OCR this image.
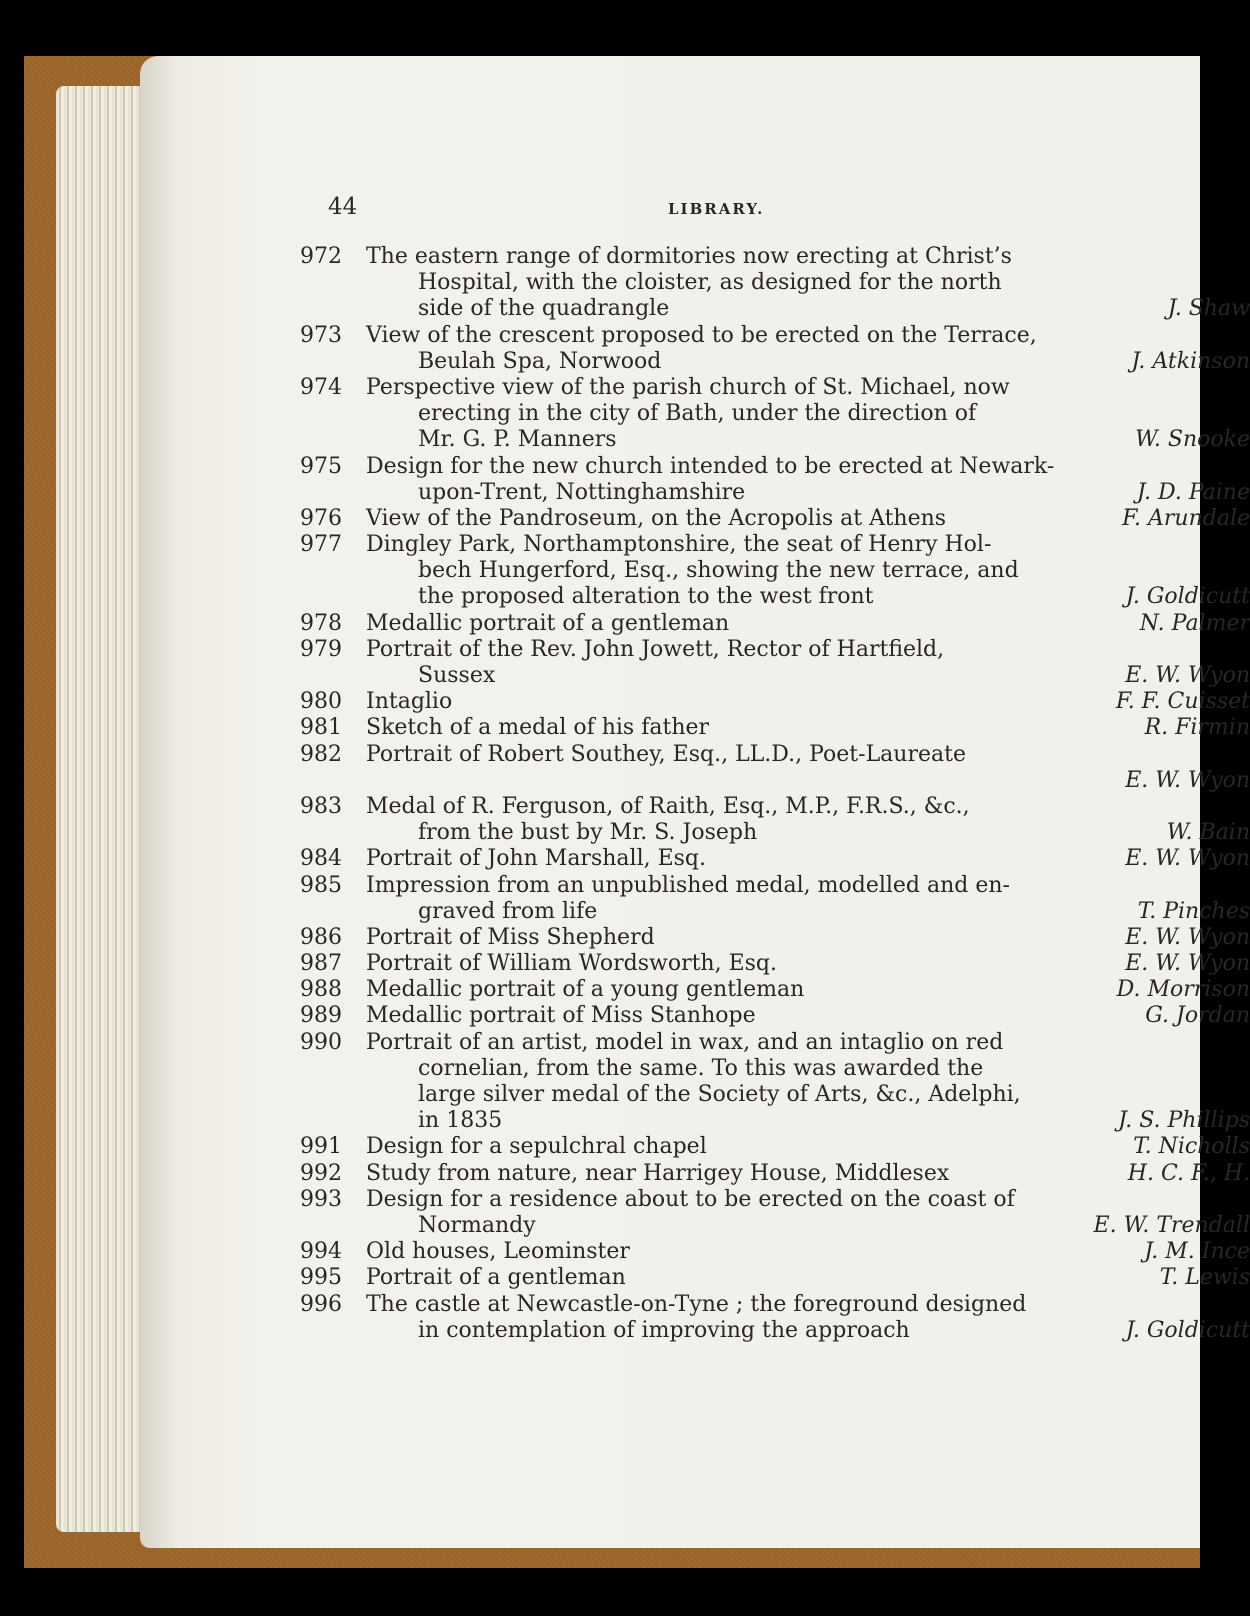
44	LIBRARY.
972	The eastern range of dormitories now erecting at Christ’s
Hospital, with the cloister, as designed for the north
side of the quadrangle	J. Shaw
973	View of the crescent proposed to be erected on the Terrace,
Beulah Spa, Norwood	J. Atkinson
974	Perspective view of the parish church of St. Michael, now
erecting in the city of Bath, under the direction of
Mr. G. P. Manners	W. Snooke
975	Design for the new church intended to be erected at Newark-
upon-Trent, Nottinghamshire	J. D. Paine
976	View of the Pandroseum, on the Acropolis at Athens	F. Arundale
977	Dingley Park, Northamptonshire, the seat of Henry Hol-
bech Hungerford, Esq., showing the new terrace, and
the proposed alteration to the west front	J. Goldicutt
978	Medallic portrait of a gentleman	N. Palmer
979	Portrait of the Rev. John Jowett, Rector of Hartfield,
Sussex	E. W. Wyon
980	Intaglio	F. F. Cuisset
981	Sketch of a medal of his father	R. Firmin
982	Portrait of Robert Southey, Esq., LL.D., Poet-Laureate
E. W. Wyon
983	Medal of R. Ferguson, of Raith, Esq., M.P., F.R.S., &c.,
from the bust by Mr. S. Joseph	W. Bain
984	Portrait of John Marshall, Esq.	E. W. Wyon
985	Impression from an unpublished medal, modelled and en-
graved from life	T. Pinches
986	Portrait of Miss Shepherd	E. W. Wyon
987	Portrait of William Wordsworth, Esq.	E. W. Wyon
988	Medallic portrait of a young gentleman	D. Morrison
989	Medallic portrait of Miss Stanhope	G. Jordan
990	Portrait of an artist, model in wax, and an intaglio on red
cornelian, from the same. To this was awarded the
large silver medal of the Society of Arts, &c., Adelphi,
in 1835	J. S. Phillips
991	Design for a sepulchral chapel	T. Nicholls
992	Study from nature, near Harrigey House, Middlesex	H. C. F., H.
993	Design for a residence about to be erected on the coast of
Normandy	E. W. Trendall
994	Old houses, Leominster	J. M. Ince
995	Portrait of a gentleman	T. Lewis
996	The castle at Newcastle-on-Tyne ; the foreground designed
in contemplation of improving the approach	J. Goldicutt
